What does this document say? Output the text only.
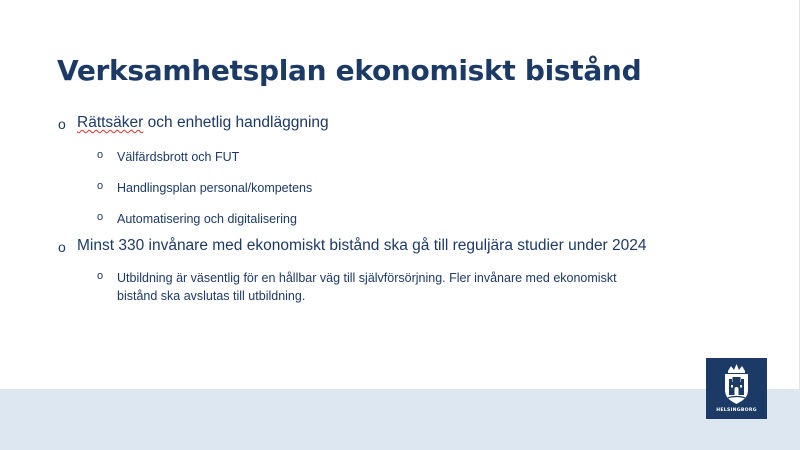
Verksamhetsplan ekonomiskt bistånd
o Rättsäker och enhetlig handläggning
o Välfärdsbrott och FUT
o Handlingsplan personal/kompetens
o Automatisering och digitalisering
o Minst 330 invånare med ekonomiskt bistånd ska gå till reguljära studier under 2024
o Utbildning är väsentlig för en hållbar väg till självförsörjning. Fler invånare med ekonomiskt
bistånd ska avslutas till utbildning.
HELSINGBORG
